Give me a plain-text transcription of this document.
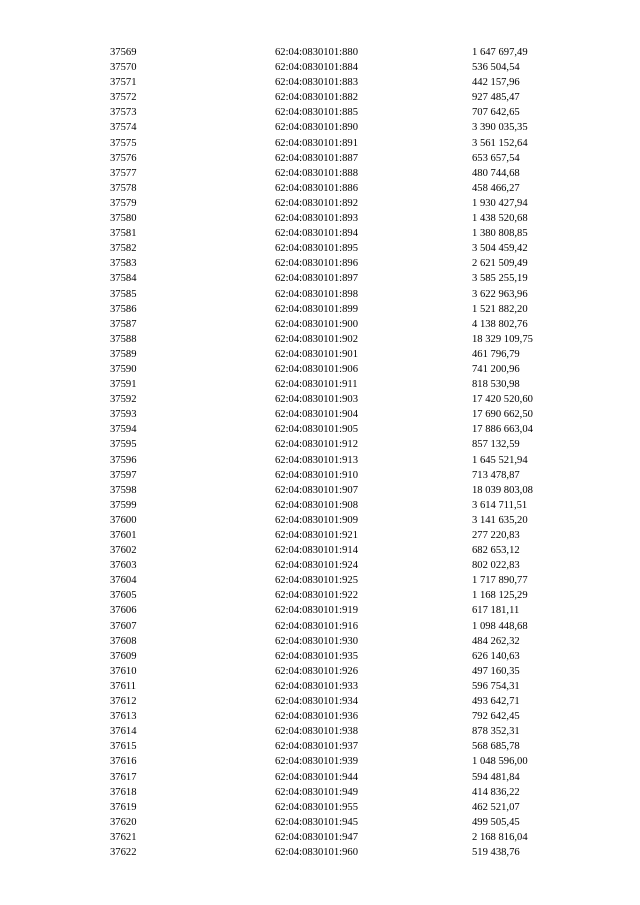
37569	62:04:0830101:880	1 647 697,49
37570	62:04:0830101:884	536 504,54
37571	62:04:0830101:883	442 157,96
37572	62:04:0830101:882	927 485,47
37573	62:04:0830101:885	707 642,65
37574	62:04:0830101:890	3 390 035,35
37575	62:04:0830101:891	3 561 152,64
37576	62:04:0830101:887	653 657,54
37577	62:04:0830101:888	480 744,68
37578	62:04:0830101:886	458 466,27
37579	62:04:0830101:892	1 930 427,94
37580	62:04:0830101:893	1 438 520,68
37581	62:04:0830101:894	1 380 808,85
37582	62:04:0830101:895	3 504 459,42
37583	62:04:0830101:896	2 621 509,49
37584	62:04:0830101:897	3 585 255,19
37585	62:04:0830101:898	3 622 963,96
37586	62:04:0830101:899	1 521 882,20
37587	62:04:0830101:900	4 138 802,76
37588	62:04:0830101:902	18 329 109,75
37589	62:04:0830101:901	461 796,79
37590	62:04:0830101:906	741 200,96
37591	62:04:0830101:911	818 530,98
37592	62:04:0830101:903	17 420 520,60
37593	62:04:0830101:904	17 690 662,50
37594	62:04:0830101:905	17 886 663,04
37595	62:04:0830101:912	857 132,59
37596	62:04:0830101:913	1 645 521,94
37597	62:04:0830101:910	713 478,87
37598	62:04:0830101:907	18 039 803,08
37599	62:04:0830101:908	3 614 711,51
37600	62:04:0830101:909	3 141 635,20
37601	62:04:0830101:921	277 220,83
37602	62:04:0830101:914	682 653,12
37603	62:04:0830101:924	802 022,83
37604	62:04:0830101:925	1 717 890,77
37605	62:04:0830101:922	1 168 125,29
37606	62:04:0830101:919	617 181,11
37607	62:04:0830101:916	1 098 448,68
37608	62:04:0830101:930	484 262,32
37609	62:04:0830101:935	626 140,63
37610	62:04:0830101:926	497 160,35
37611	62:04:0830101:933	596 754,31
37612	62:04:0830101:934	493 642,71
37613	62:04:0830101:936	792 642,45
37614	62:04:0830101:938	878 352,31
37615	62:04:0830101:937	568 685,78
37616	62:04:0830101:939	1 048 596,00
37617	62:04:0830101:944	594 481,84
37618	62:04:0830101:949	414 836,22
37619	62:04:0830101:955	462 521,07
37620	62:04:0830101:945	499 505,45
37621	62:04:0830101:947	2 168 816,04
37622	62:04:0830101:960	519 438,76
